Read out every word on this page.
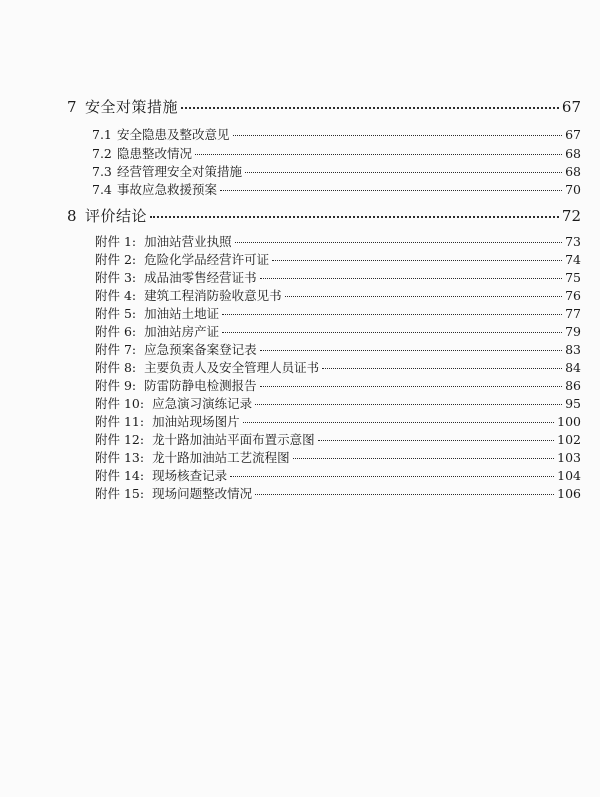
7 安全对策措施	67
7.1 安全隐患及整改意见	67
7.2 隐患整改情况	68
7.3 经营管理安全对策措施	68
7.4 事故应急救援预案	70
8 评价结论	72
附件 1: 加油站营业执照	73
附件 2: 危险化学品经营许可证	74
附件 3: 成品油零售经营证书	75
附件 4: 建筑工程消防验收意见书	76
附件 5: 加油站土地证	77
附件 6: 加油站房产证	79
附件 7: 应急预案备案登记表	83
附件 8: 主要负责人及安全管理人员证书	84
附件 9: 防雷防静电检测报告	86
附件 10: 应急演习演练记录	95
附件 11: 加油站现场图片	100
附件 12: 龙十路加油站平面布置示意图	102
附件 13: 龙十路加油站工艺流程图	103
附件 14: 现场核查记录	104
附件 15: 现场问题整改情况	106
